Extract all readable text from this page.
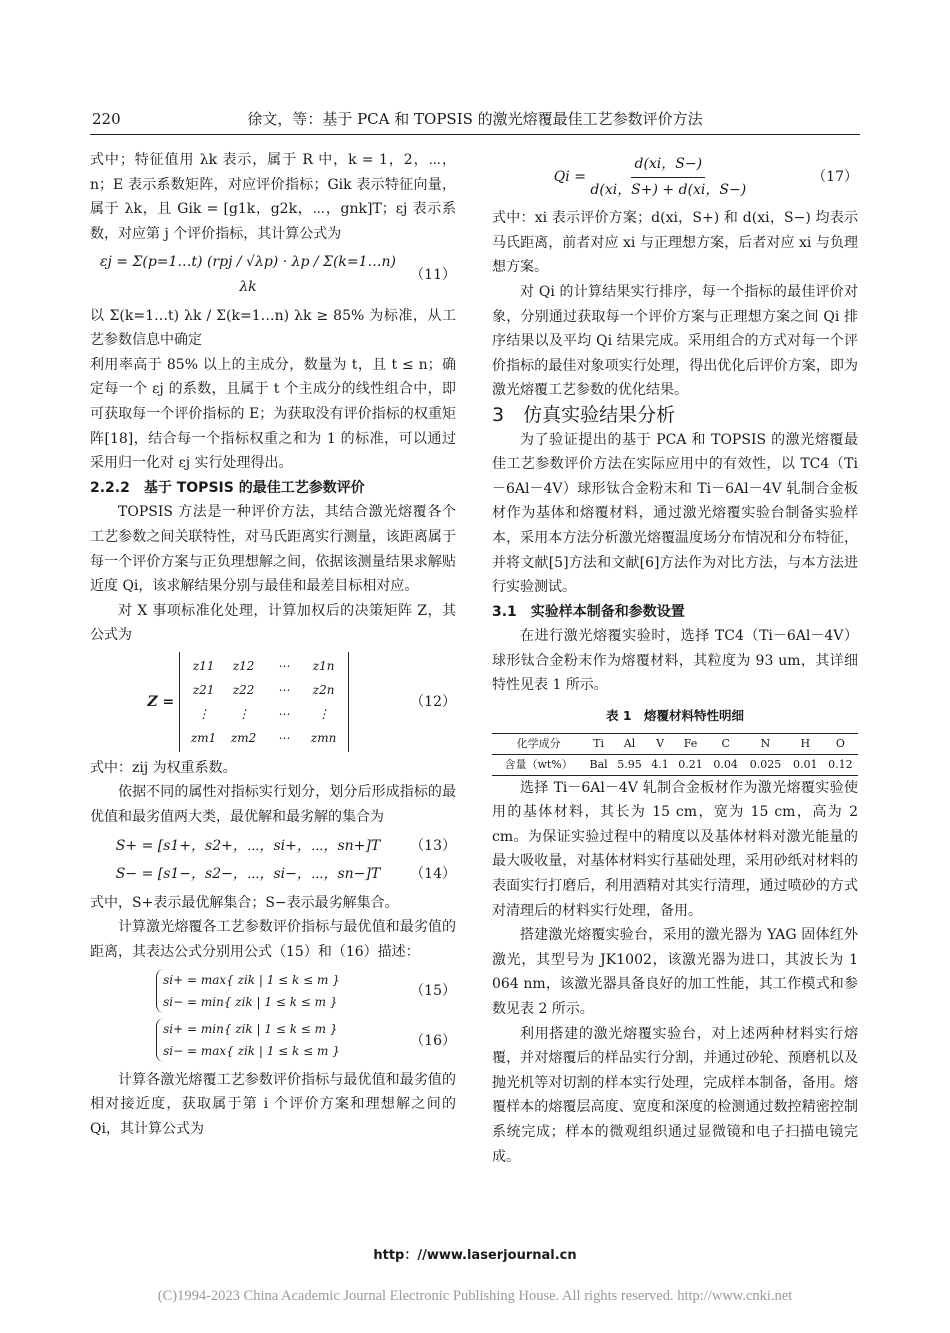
220	徐文，等：基于 PCA 和 TOPSIS 的激光熔覆最佳工艺参数评价方法

式中；特征值用 λk 表示，属于 R 中，k = 1，2，⋯，n；E 表示系数矩阵，对应评价指标；Gik 表示特征向量，属于 λk，且 Gik = [g1k，g2k，⋯，gnk]T；εj 表示系数，对应第 j 个评价指标，其计算公式为

εj = Σ(p=1…t) (rpj / √λp) · λp / Σ(k=1…n) λk
（11）

以 Σ(k=1…t) λk / Σ(k=1…n) λk ≥ 85% 为标准，从工艺参数信息中确定

利用率高于 85% 以上的主成分，数量为 t，且 t ≤ n；确定每一个 εj 的系数，且属于 t 个主成分的线性组合中，即可获取每一个评价指标的 E；为获取没有评价指标的权重矩阵[18]，结合每一个指标权重之和为 1 的标准，可以通过采用归一化对 εj 实行处理得出。

2.2.2　基于 TOPSIS 的最佳工艺参数评价

TOPSIS 方法是一种评价方法，其结合激光熔覆各个工艺参数之间关联特性，对马氏距离实行测量，该距离属于每一个评价方案与正负理想解之间，依据该测量结果求解贴近度 Qi，该求解结果分别与最佳和最差目标相对应。

对 X 事项标准化处理，计算加权后的决策矩阵 Z，其公式为

Z =
z11	z12	⋯	z1n
z21	z22	⋯	z2n
⋮	⋮	⋯	⋮
zm1	zm2	⋯	zmn
（12）

式中：zij 为权重系数。

依据不同的属性对指标实行划分，划分后形成指标的最优值和最劣值两大类，最优解和最劣解的集合为

S+ = [s1+，s2+，⋯，si+，⋯，sn+]T	（13）
S− = [s1−，s2−，⋯，si−，⋯，sn−]T	（14）

式中，S+表示最优解集合；S−表示最劣解集合。

计算激光熔覆各工艺参数评价指标与最优值和最劣值的距离，其表达公式分别用公式（15）和（16）描述：

si+ = max{ zik | 1 ≤ k ≤ m }
si− = min{ zik | 1 ≤ k ≤ m }
（15）
si+ = min{ zik | 1 ≤ k ≤ m }
si− = max{ zik | 1 ≤ k ≤ m }
（16）

计算各激光熔覆工艺参数评价指标与最优值和最劣值的相对接近度，获取属于第 i 个评价方案和理想解之间的 Qi，其计算公式为

$Qi = \frac{d(xi,S-)}{d(xi,S+) + d(xi,S-)}$	（17）

式中：xi 表示评价方案；d(xi，S+) 和 d(xi，S−) 均表示马氏距离，前者对应 xi 与正理想方案，后者对应 xi 与负理想方案。

对 Qi 的计算结果实行排序，每一个指标的最佳评价对象，分别通过获取每一个评价方案与正理想方案之间 Qi 排序结果以及平均 Qi 结果完成。采用组合的方式对每一个评价指标的最佳对象项实行处理，得出优化后评价方案，即为激光熔覆工艺参数的优化结果。

3　仿真实验结果分析

为了验证提出的基于 PCA 和 TOPSIS 的激光熔覆最佳工艺参数评价方法在实际应用中的有效性，以 TC4（Ti－6Al－4V）球形钛合金粉末和 Ti－6Al－4V 轧制合金板材作为基体和熔覆材料，通过激光熔覆实验台制备实验样本，采用本方法分析激光熔覆温度场分布情况和分布特征，并将文献[5]方法和文献[6]方法作为对比方法，与本方法进行实验测试。

3.1　实验样本制备和参数设置

在进行激光熔覆实验时，选择 TC4（Ti－6Al－4V）球形钛合金粉末作为熔覆材料，其粒度为 93 um，其详细特性见表 1 所示。

表 1　熔覆材料特性明细
化学成分	Ti	Al	V	Fe	C	N	H	O
含量（wt%）	Bal	5.95	4.1	0.21	0.04	0.025	0.01	0.12

选择 Ti－6Al－4V 轧制合金板材作为激光熔覆实验使用的基体材料，其长为 15 cm，宽为 15 cm，高为 2 cm。为保证实验过程中的精度以及基体材料对激光能量的最大吸收量，对基体材料实行基础处理，采用砂纸对材料的表面实行打磨后，利用酒精对其实行清理，通过喷砂的方式对清理后的材料实行处理，备用。

搭建激光熔覆实验台，采用的激光器为 YAG 固体红外激光，其型号为 JK1002，该激光器为进口，其波长为 1 064 nm，该激光器具备良好的加工性能，其工作模式和参数见表 2 所示。

利用搭建的激光熔覆实验台，对上述两种材料实行熔覆，并对熔覆后的样品实行分割，并通过砂轮、预磨机以及抛光机等对切割的样本实行处理，完成样本制备，备用。熔覆样本的熔覆层高度、宽度和深度的检测通过数控精密控制系统完成；样本的微观组织通过显微镜和电子扫描电镜完成。

http：//www.laserjournal.cn
(C)1994-2023 China Academic Journal Electronic Publishing House. All rights reserved. http://www.cnki.net
